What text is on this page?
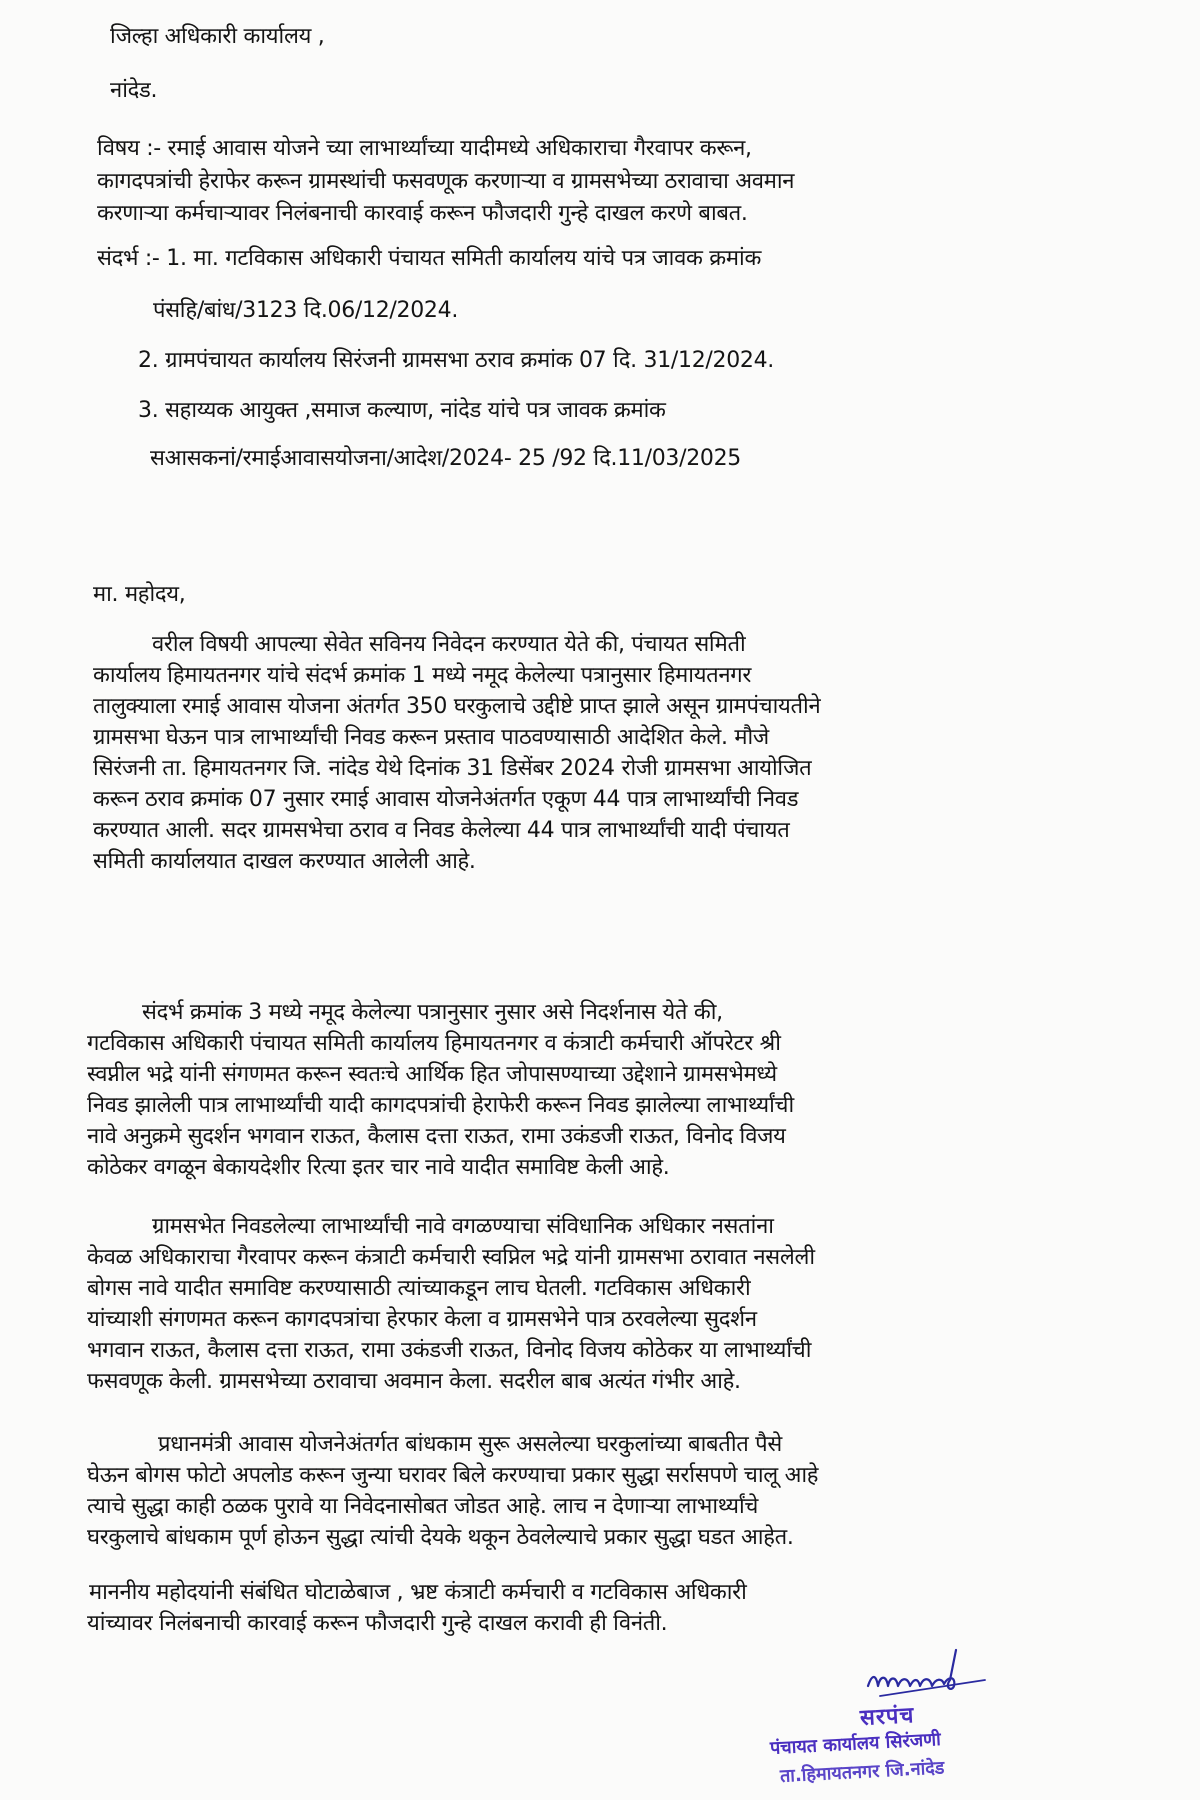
जिल्हा अधिकारी कार्यालय ,
नांदेड.
विषय :- रमाई आवास योजने च्या लाभार्थ्यांच्या यादीमध्ये अधिकाराचा गैरवापर करून,
कागदपत्रांची हेराफेर करून ग्रामस्थांची फसवणूक करणाऱ्या व ग्रामसभेच्या ठरावाचा अवमान
करणाऱ्या कर्मचाऱ्यावर निलंबनाची कारवाई करून फौजदारी गुन्हे दाखल करणे बाबत.
संदर्भ :- 1. मा. गटविकास अधिकारी पंचायत समिती कार्यालय यांचे पत्र जावक क्रमांक
पंसहि/बांध/3123 दि.06/12/2024.
2. ग्रामपंचायत कार्यालय सिरंजनी ग्रामसभा ठराव क्रमांक 07 दि. 31/12/2024.
3. सहाय्यक आयुक्त ,समाज कल्याण, नांदेड यांचे पत्र जावक क्रमांक
सआसकनां/रमाईआवासयोजना/आदेश/2024- 25 /92 दि.11/03/2025
मा. महोदय,
वरील विषयी आपल्या सेवेत सविनय निवेदन करण्यात येते की, पंचायत समिती
कार्यालय हिमायतनगर यांचे संदर्भ क्रमांक 1 मध्ये नमूद केलेल्या पत्रानुसार हिमायतनगर
तालुक्याला रमाई आवास योजना अंतर्गत 350 घरकुलाचे उद्दीष्टे प्राप्त झाले असून ग्रामपंचायतीने
ग्रामसभा घेऊन पात्र लाभार्थ्यांची निवड करून प्रस्ताव पाठवण्यासाठी आदेशित केले. मौजे
सिरंजनी ता. हिमायतनगर जि. नांदेड येथे दिनांक 31 डिसेंबर 2024 रोजी ग्रामसभा आयोजित
करून ठराव क्रमांक 07 नुसार रमाई आवास योजनेअंतर्गत एकूण 44 पात्र लाभार्थ्यांची निवड
करण्यात आली. सदर ग्रामसभेचा ठराव व निवड केलेल्या 44 पात्र लाभार्थ्यांची यादी पंचायत
समिती कार्यालयात दाखल करण्यात आलेली आहे.
संदर्भ क्रमांक 3 मध्ये नमूद केलेल्या पत्रानुसार नुसार असे निदर्शनास येते की,
गटविकास अधिकारी पंचायत समिती कार्यालय हिमायतनगर व कंत्राटी कर्मचारी ऑपरेटर श्री
स्वप्नील भद्रे यांनी संगणमत करून स्वतःचे आर्थिक हित जोपासण्याच्या उद्देशाने ग्रामसभेमध्ये
निवड झालेली पात्र लाभार्थ्यांची यादी कागदपत्रांची हेराफेरी करून निवड झालेल्या लाभार्थ्यांची
नावे अनुक्रमे सुदर्शन भगवान राऊत, कैलास दत्ता राऊत, रामा उकंडजी राऊत, विनोद विजय
कोठेकर वगळून बेकायदेशीर रित्या इतर चार नावे यादीत समाविष्ट केली आहे.
ग्रामसभेत निवडलेल्या लाभार्थ्यांची नावे वगळण्याचा संविधानिक अधिकार नसतांना
केवळ अधिकाराचा गैरवापर करून कंत्राटी कर्मचारी स्वप्निल भद्रे यांनी ग्रामसभा ठरावात नसलेली
बोगस नावे यादीत समाविष्ट करण्यासाठी त्यांच्याकडून लाच घेतली. गटविकास अधिकारी
यांच्याशी संगणमत करून कागदपत्रांचा हेरफार केला व ग्रामसभेने पात्र ठरवलेल्या सुदर्शन
भगवान राऊत, कैलास दत्ता राऊत, रामा उकंडजी राऊत, विनोद विजय कोठेकर या लाभार्थ्यांची
फसवणूक केली. ग्रामसभेच्या ठरावाचा अवमान केला. सदरील बाब अत्यंत गंभीर आहे.
प्रधानमंत्री आवास योजनेअंतर्गत बांधकाम सुरू असलेल्या घरकुलांच्या बाबतीत पैसे
घेऊन बोगस फोटो अपलोड करून जुन्या घरावर बिले करण्याचा प्रकार सुद्धा सर्रासपणे चालू आहे
त्याचे सुद्धा काही ठळक पुरावे या निवेदनासोबत जोडत आहे. लाच न देणाऱ्या लाभार्थ्यांचे
घरकुलाचे बांधकाम पूर्ण होऊन सुद्धा त्यांची देयके थकून ठेवलेल्याचे प्रकार सुद्धा घडत आहेत.
माननीय महोदयांनी संबंधित घोटाळेबाज , भ्रष्ट कंत्राटी कर्मचारी व गटविकास अधिकारी
यांच्यावर निलंबनाची कारवाई करून फौजदारी गुन्हे दाखल करावी ही विनंती.
सरपंच
पंचायत कार्यालय सिरंजणी
ता.हिमायतनगर जि.नांदेड
